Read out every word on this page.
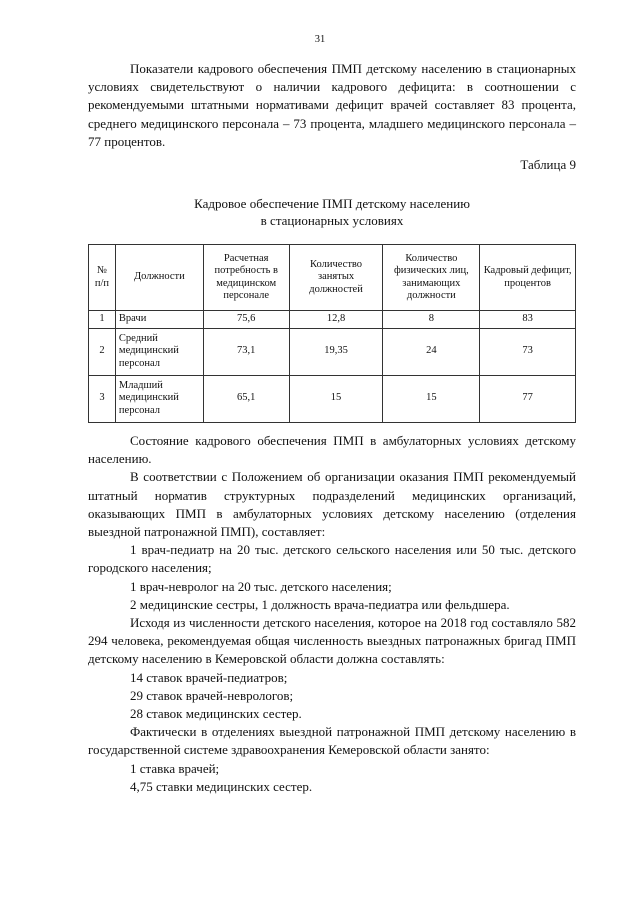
31

Показатели кадрового обеспечения ПМП детскому населению в стационарных условиях свидетельствуют о наличии кадрового дефицита: в соотношении с рекомендуемыми штатными нормативами дефицит врачей составляет 83 процента, среднего медицинского персонала – 73 процента, младшего медицинского персонала – 77 процентов.

Таблица 9
Кадровое обеспечение ПМП детскому населению
в стационарных условиях
№ п/п	Должности	Расчетная потребность в медицинском персонале	Количество занятых должностей	Количество физических лиц, занимающих должности	Кадровый дефицит, процентов
1	Врачи	75,6	12,8	8	83
2	Средний медицинский персонал	73,1	19,35	24	73
3	Младший медицинский персонал	65,1	15	15	77

Состояние кадрового обеспечения ПМП в амбулаторных условиях детскому населению.

В соответствии с Положением об организации оказания ПМП рекомендуемый штатный норматив структурных подразделений медицинских организаций, оказывающих ПМП в амбулаторных условиях детскому населению (отделения выездной патронажной ПМП), составляет:

1 врач-педиатр на 20 тыс. детского сельского населения или 50 тыс. детского городского населения;

1 врач-невролог на 20 тыс. детского населения;

2 медицинские сестры, 1 должность врача-педиатра или фельдшера.

Исходя из численности детского населения, которое на 2018 год составляло 582 294 человека, рекомендуемая общая численность выездных патронажных бригад ПМП детскому населению в Кемеровской области должна составлять:

14 ставок врачей-педиатров;

29 ставок врачей-неврологов;

28 ставок медицинских сестер.

Фактически в отделениях выездной патронажной ПМП детскому населению в государственной системе здравоохранения Кемеровской области занято:

1 ставка врачей;

4,75 ставки медицинских сестер.
